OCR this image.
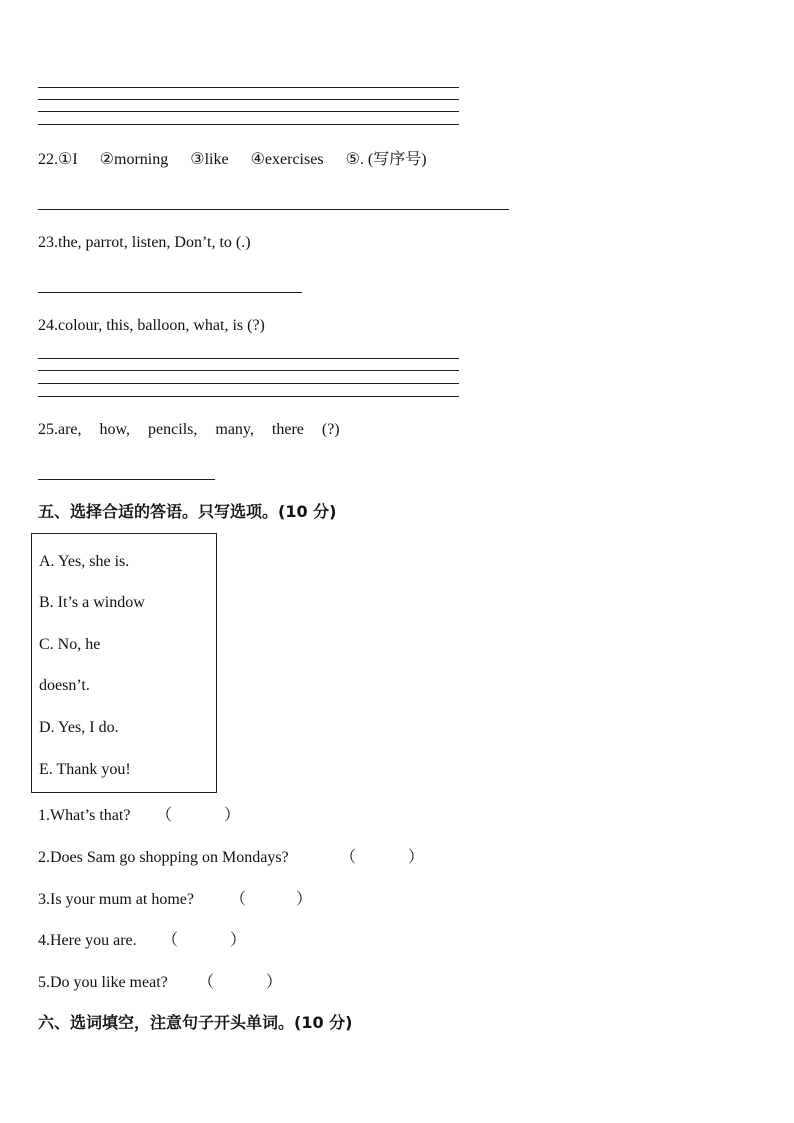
22.①I ②morning ③like ④exercises ⑤. (写序号)
23.the, parrot, listen, Don’t, to (.)
24.colour, this, balloon, what, is (?)
25.are, how, pencils, many, there (?)
五、选择合适的答语。只写选项。(10 分)
A. Yes, she is.
B. It’s a window
C. No, he
doesn’t.
D. Yes, I do.
E. Thank you!
1.What’s that? （	）
2.Does Sam go shopping on Mondays?	（	）
3.Is your mum at home? （	）
4.Here you are. （	）
5.Do you like meat? （	）
六、选词填空，注意句子开头单词。(10 分)
